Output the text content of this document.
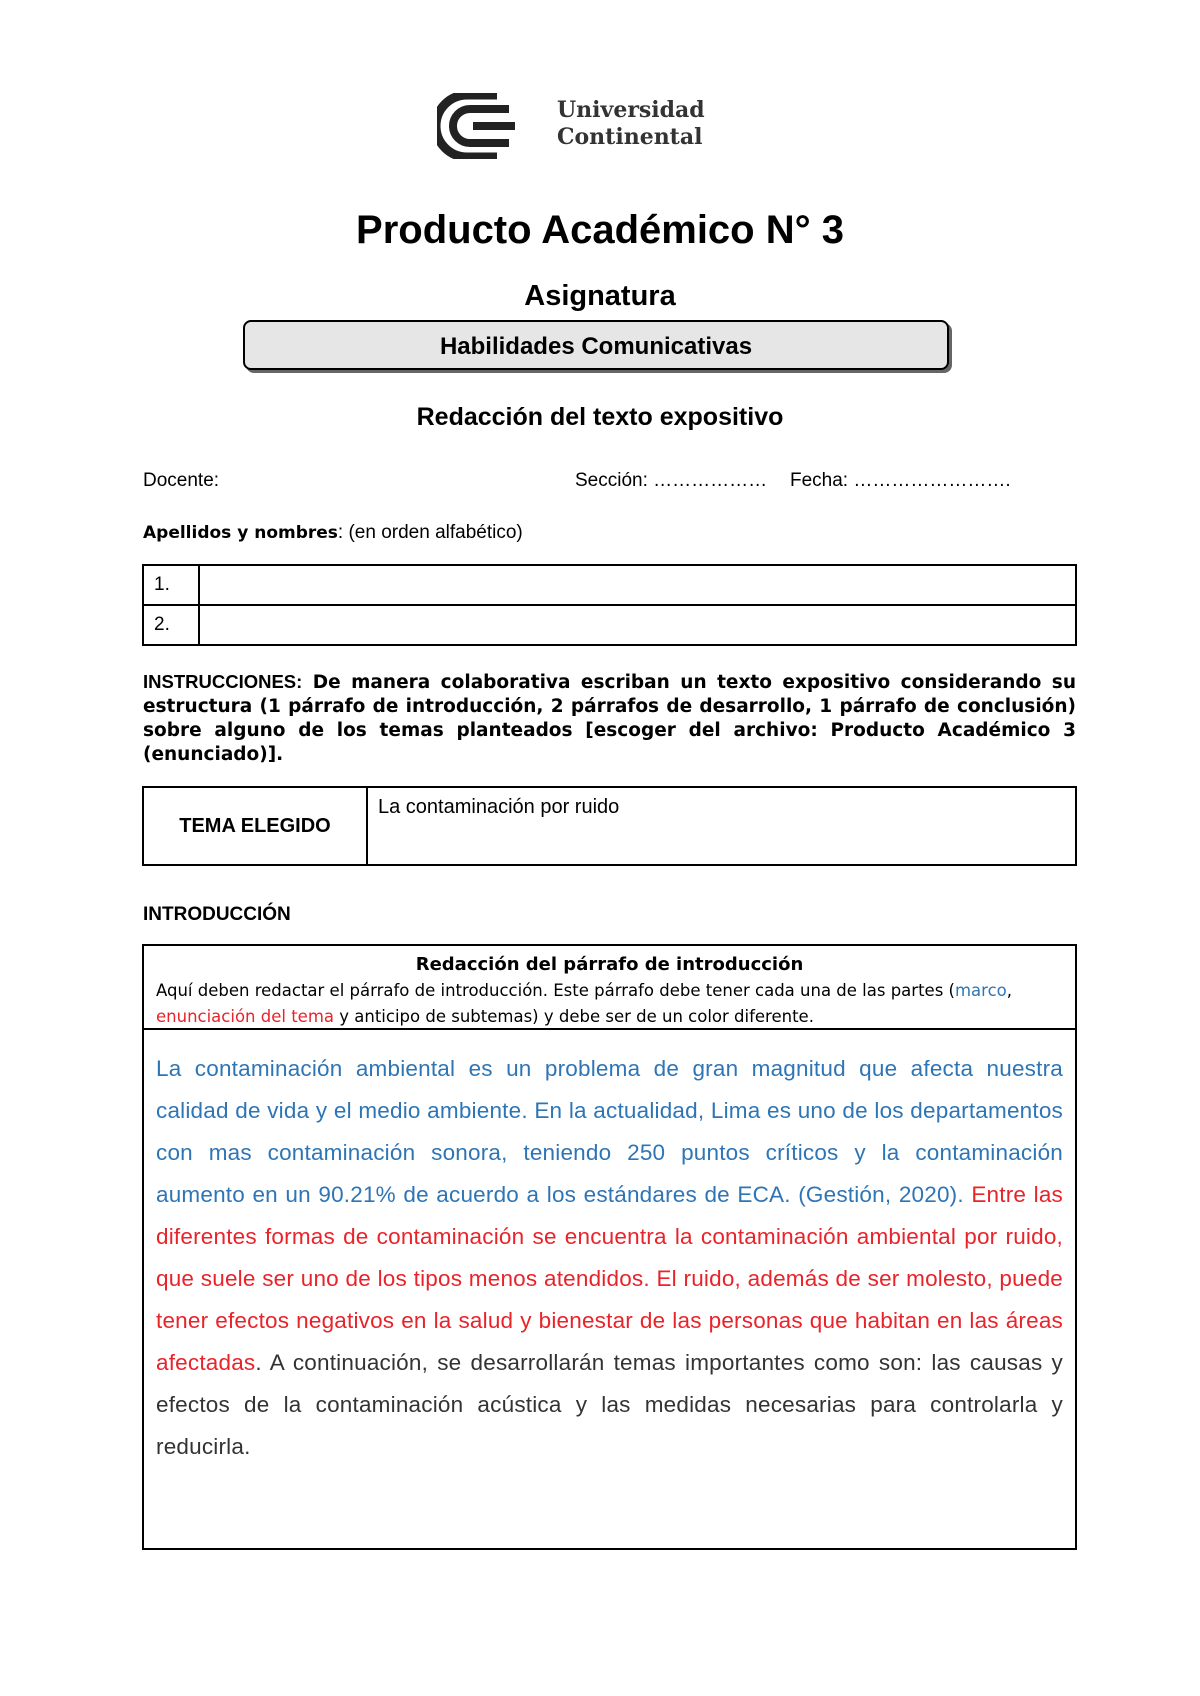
Universidad
Continental
Producto Académico N° 3
Asignatura
Habilidades Comunicativas
Redacción del texto expositivo
Docente:	Sección: ……………… Fecha: …………………….
Apellidos y nombres: (en orden alfabético)
1.	
2.	
INSTRUCCIONES: De manera colaborativa escriban un texto expositivo considerando su estructura (1 párrafo de introducción, 2 párrafos de desarrollo, 1 párrafo de conclusión) sobre alguno de los temas planteados [escoger del archivo: Producto Académico 3 (enunciado)].
TEMA ELEGIDO	La contaminación por ruido
INTRODUCCIÓN
Redacción del párrafo de introducción
Aquí deben redactar el párrafo de introducción. Este párrafo debe tener cada una de las partes (marco, enunciación del tema y anticipo de subtemas) y debe ser de un color diferente.
La contaminación ambiental es un problema de gran magnitud que afecta nuestra calidad de vida y el medio ambiente. En la actualidad, Lima es uno de los departamentos con mas contaminación sonora, teniendo 250 puntos críticos y la contaminación aumento en un 90.21% de acuerdo a los estándares de ECA. (Gestión, 2020). Entre las diferentes formas de contaminación se encuentra la contaminación ambiental por ruido, que suele ser uno de los tipos menos atendidos. El ruido, además de ser molesto, puede tener efectos negativos en la salud y bienestar de las personas que habitan en las áreas afectadas. A continuación, se desarrollarán temas importantes como son: las causas y efectos de la contaminación acústica y las medidas necesarias para controlarla y reducirla.
